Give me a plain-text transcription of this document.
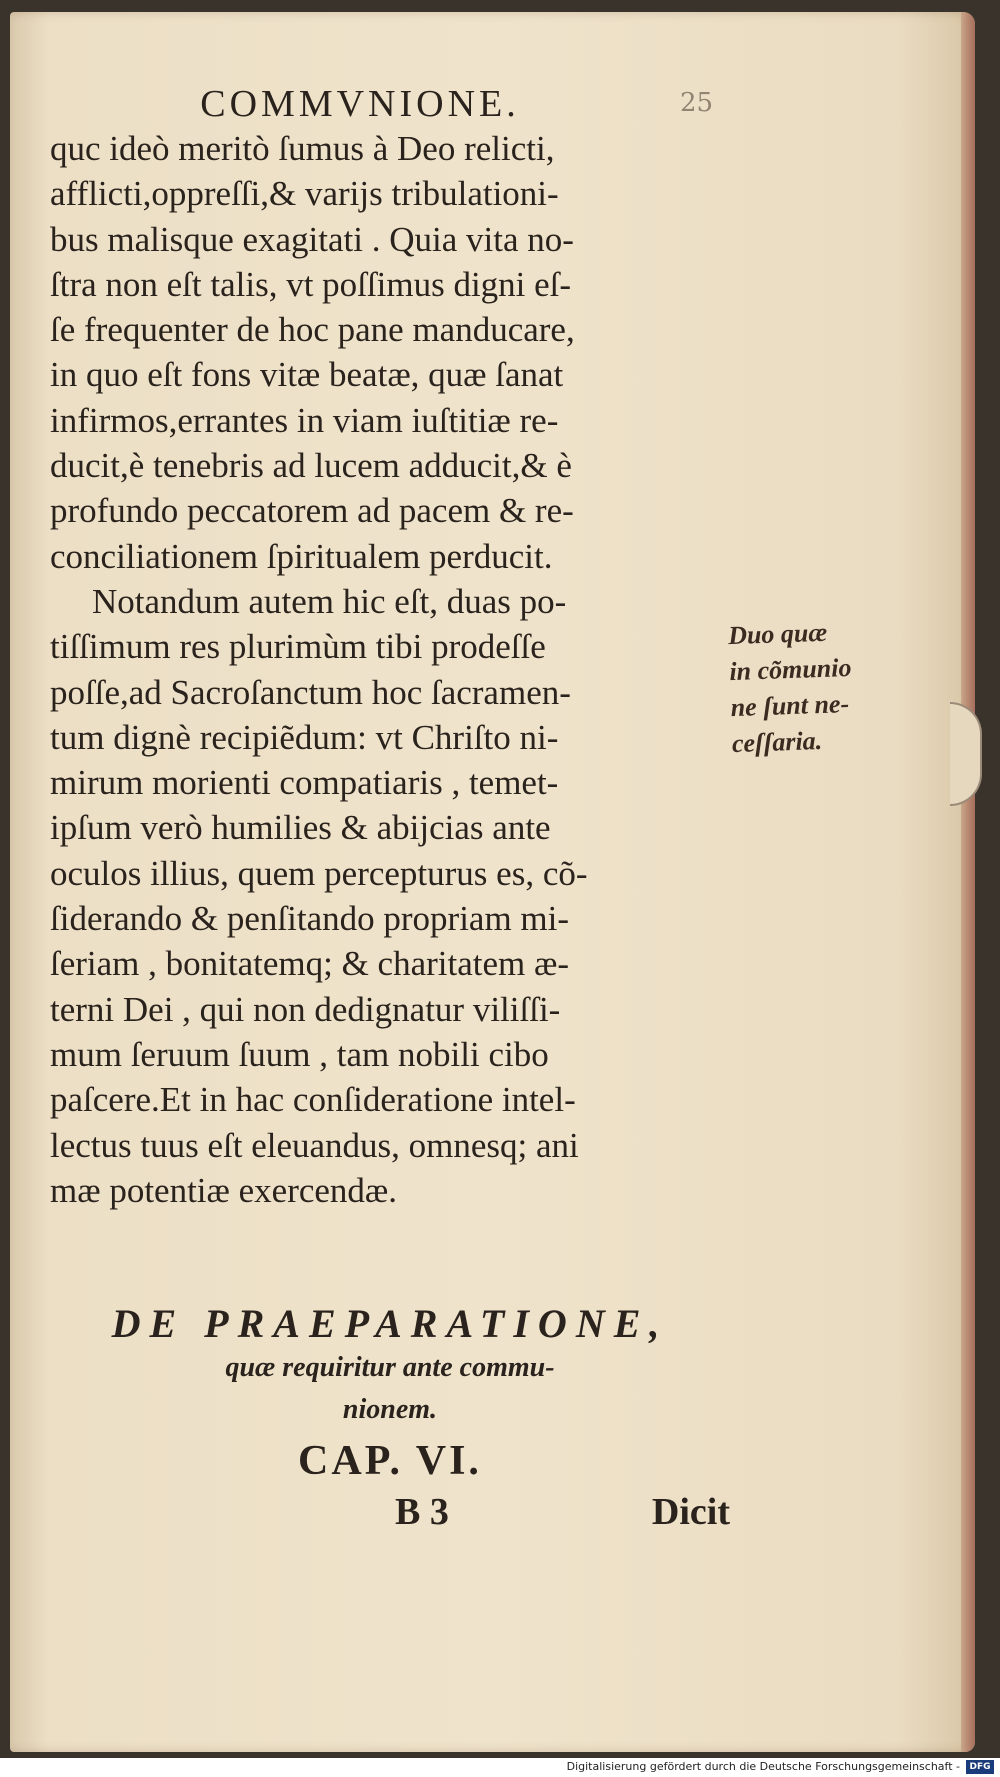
COMMVNIONE.
quc ideò meritò ſumus à Deo relicti,
afflicti,oppreſſi,& varijs tribulationi-
bus malisque exagitati . Quia vita no-
ſtra non eſt talis, vt poſſimus digni eſ-
ſe frequenter de hoc pane manducare,
in quo eſt fons vitæ beatæ, quæ ſanat
infirmos,errantes in viam iuſtitiæ re-
ducit,è tenebris ad lucem adducit,& è
profundo peccatorem ad pacem & re-
conciliationem ſpiritualem perducit.
Notandum autem hic eſt, duas po-
tiſſimum res plurimùm tibi prodeſſe
poſſe,ad Sacroſanctum hoc ſacramen-
tum dignè recipiẽdum: vt Chriſto ni-
mirum morienti compatiaris , temet-
ipſum verò humilies & abijcias ante
oculos illius, quem percepturus es, cõ-
ſiderando & penſitando propriam mi-
ſeriam , bonitatemq; & charitatem æ-
terni Dei , qui non dedignatur viliſſi-
mum ſeruum ſuum , tam nobili cibo
paſcere.Et in hac conſideratione intel-
lectus tuus eſt eleuandus, omnesq; ani
mæ potentiæ exercendæ.
Duo quæ
in cõmunio
ne ſunt ne-
ceſſaria.
DE PRAEPARATIONE,
quæ requiritur ante commu-
nionem.
CAP. VI.
B 3	Dicit
25
Digitalisierung gefördert durch die Deutsche Forschungsgemeinschaft -	DFG
